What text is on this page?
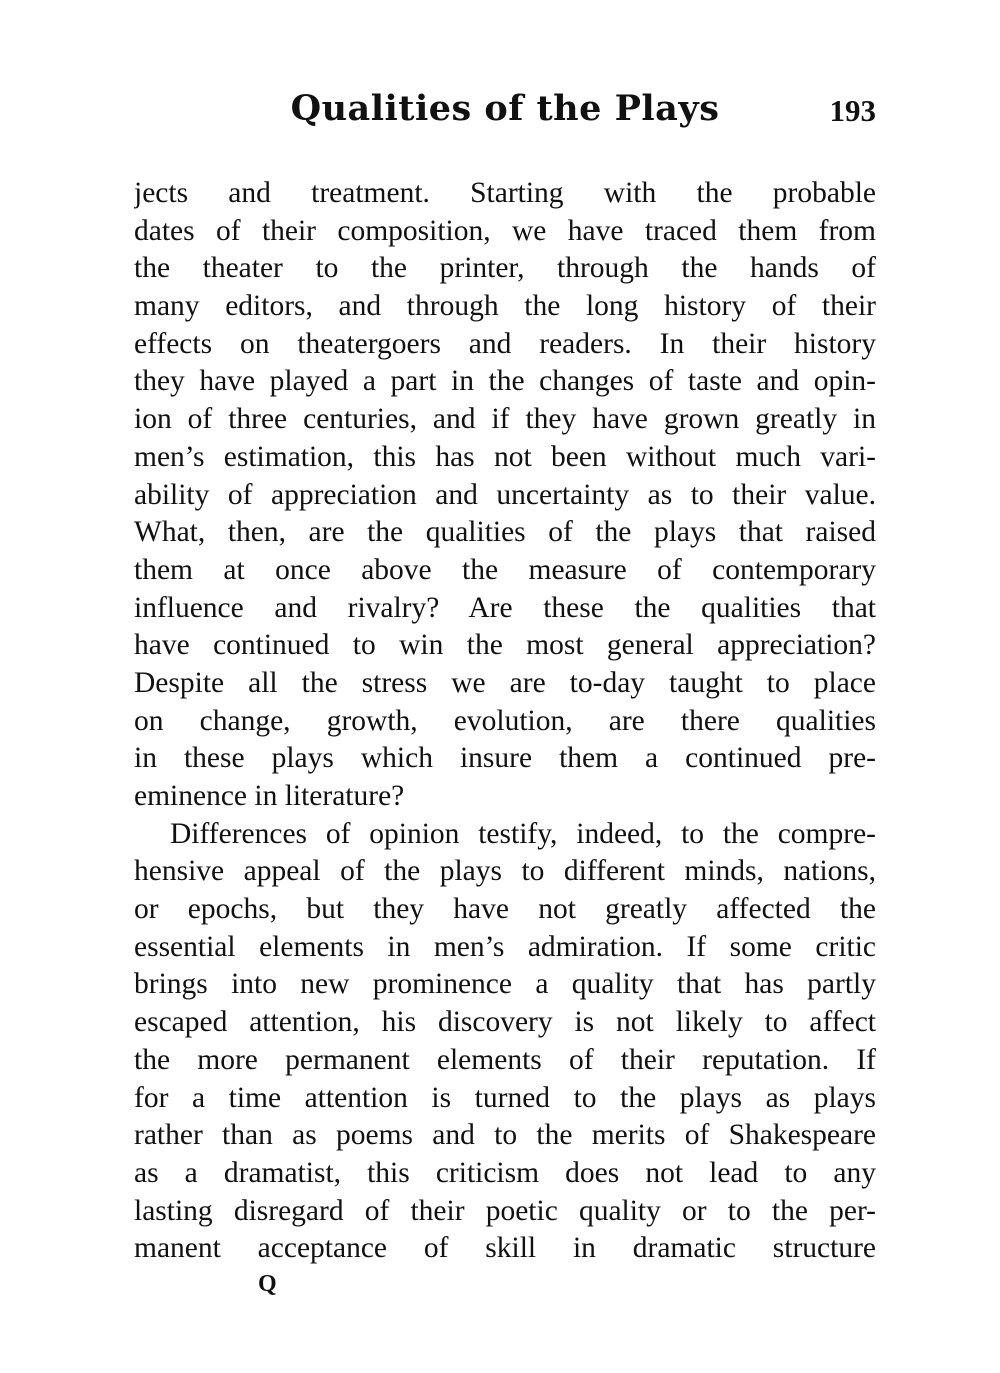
Qualities of the Plays	193
jects and treatment. Starting with the probable
dates of their composition, we have traced them from
the theater to the printer, through the hands of
many editors, and through the long history of their
effects on theatergoers and readers. In their history
they have played a part in the changes of taste and opin-
ion of three centuries, and if they have grown greatly in
men’s estimation, this has not been without much vari-
ability of appreciation and uncertainty as to their value.
What, then, are the qualities of the plays that raised
them at once above the measure of contemporary
influence and rivalry? Are these the qualities that
have continued to win the most general appreciation?
Despite all the stress we are to-day taught to place
on change, growth, evolution, are there qualities
in these plays which insure them a continued pre-
eminence in literature?
Differences of opinion testify, indeed, to the compre-
hensive appeal of the plays to different minds, nations,
or epochs, but they have not greatly affected the
essential elements in men’s admiration. If some critic
brings into new prominence a quality that has partly
escaped attention, his discovery is not likely to affect
the more permanent elements of their reputation. If
for a time attention is turned to the plays as plays
rather than as poems and to the merits of Shakespeare
as a dramatist, this criticism does not lead to any
lasting disregard of their poetic quality or to the per-
manent acceptance of skill in dramatic structure
Q
